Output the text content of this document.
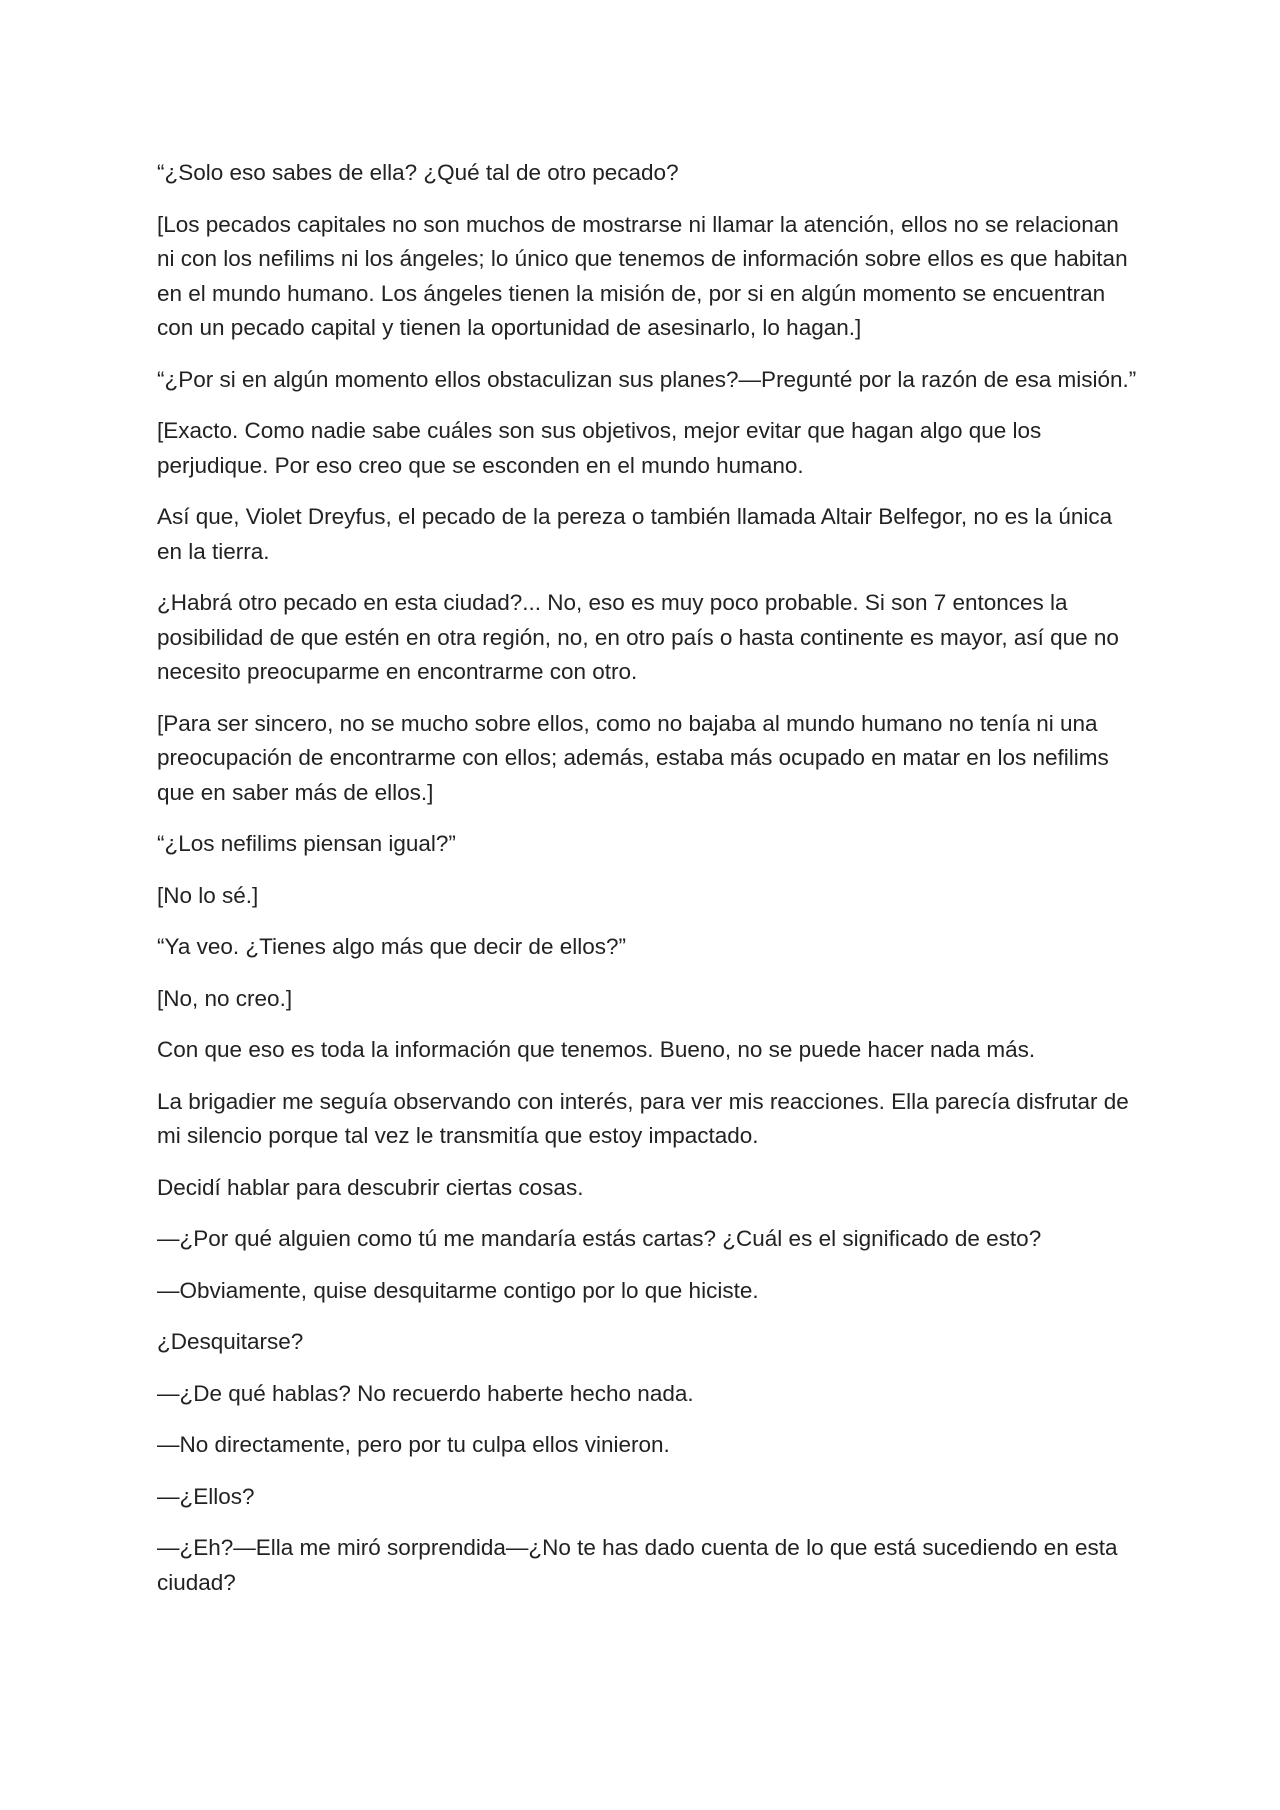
“¿Solo eso sabes de ella? ¿Qué tal de otro pecado?

[Los pecados capitales no son muchos de mostrarse ni llamar la atención, ellos no se relacionan ni con los nefilims ni los ángeles; lo único que tenemos de información sobre ellos es que habitan en el mundo humano. Los ángeles tienen la misión de, por si en algún momento se encuentran con un pecado capital y tienen la oportunidad de asesinarlo, lo hagan.]

“¿Por si en algún momento ellos obstaculizan sus planes?—Pregunté por la razón de esa misión.”

[Exacto. Como nadie sabe cuáles son sus objetivos, mejor evitar que hagan algo que los perjudique. Por eso creo que se esconden en el mundo humano.

Así que, Violet Dreyfus, el pecado de la pereza o también llamada Altair Belfegor, no es la única en la tierra.

¿Habrá otro pecado en esta ciudad?... No, eso es muy poco probable. Si son 7 entonces la posibilidad de que estén en otra región, no, en otro país o hasta continente es mayor, así que no necesito preocuparme en encontrarme con otro.

[Para ser sincero, no se mucho sobre ellos, como no bajaba al mundo humano no tenía ni una preocupación de encontrarme con ellos; además, estaba más ocupado en matar en los nefilims que en saber más de ellos.]

“¿Los nefilims piensan igual?”

[No lo sé.]

“Ya veo. ¿Tienes algo más que decir de ellos?”

[No, no creo.]

Con que eso es toda la información que tenemos. Bueno, no se puede hacer nada más.

La brigadier me seguía observando con interés, para ver mis reacciones. Ella parecía disfrutar de mi silencio porque tal vez le transmitía que estoy impactado.

Decidí hablar para descubrir ciertas cosas.

—¿Por qué alguien como tú me mandaría estás cartas? ¿Cuál es el significado de esto?

—Obviamente, quise desquitarme contigo por lo que hiciste.

¿Desquitarse?

—¿De qué hablas? No recuerdo haberte hecho nada.

—No directamente, pero por tu culpa ellos vinieron.

—¿Ellos?

—¿Eh?—Ella me miró sorprendida—¿No te has dado cuenta de lo que está sucediendo en esta ciudad?
